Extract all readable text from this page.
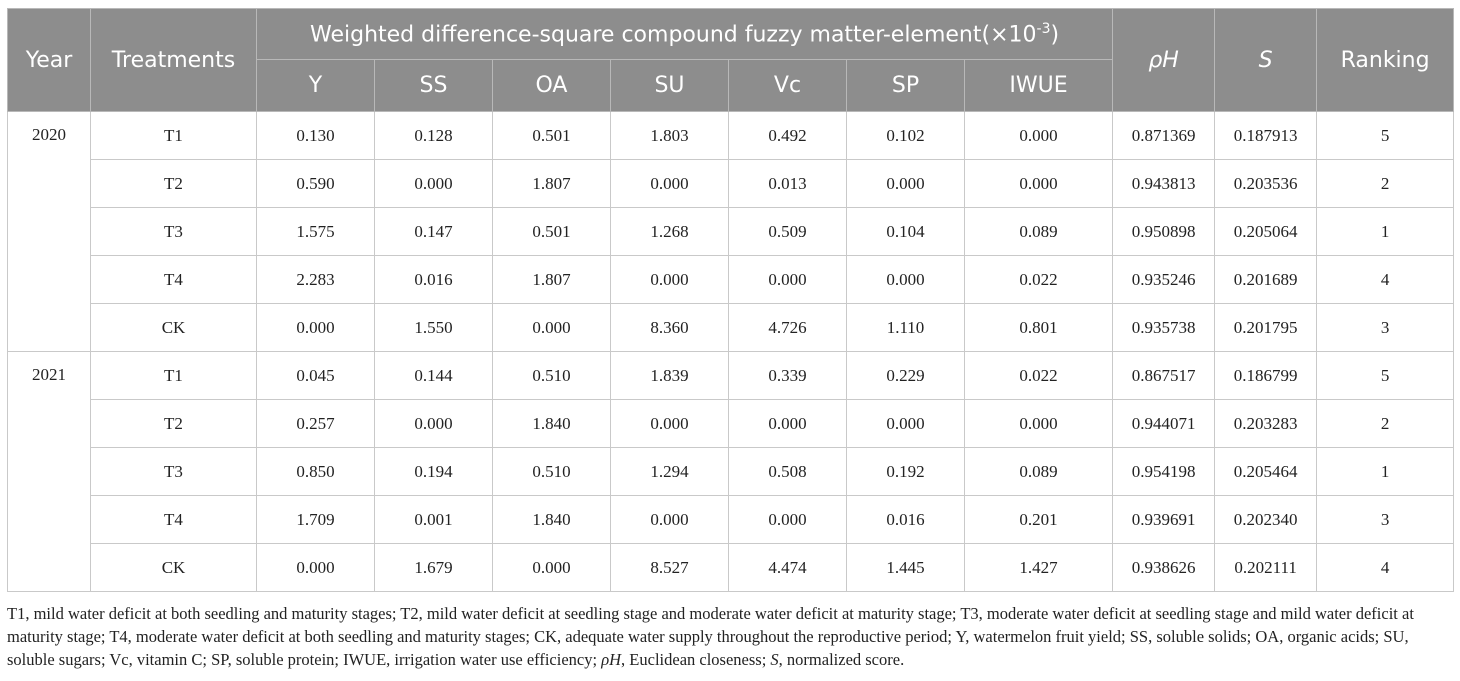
Year	Treatments	Weighted difference-square compound fuzzy matter-$element(\times 10^{-3})$							ρH	S	Ranking
		Y	SS	OA	SU	Vc	SP	IWUE			
2020	T1	0.130	0.128	0.501	1.803	0.492	0.102	0.000	0.871369	0.187913	5
	T2	0.590	0.000	1.807	0.000	0.013	0.000	0.000	0.943813	0.203536	2
	T3	1.575	0.147	0.501	1.268	0.509	0.104	0.089	0.950898	0.205064	1
	T4	2.283	0.016	1.807	0.000	0.000	0.000	0.022	0.935246	0.201689	4
	CK	0.000	1.550	0.000	8.360	4.726	1.110	0.801	0.935738	0.201795	3
2021	T1	0.045	0.144	0.510	1.839	0.339	0.229	0.022	0.867517	0.186799	5
	T2	0.257	0.000	1.840	0.000	0.000	0.000	0.000	0.944071	0.203283	2
	T3	0.850	0.194	0.510	1.294	0.508	0.192	0.089	0.954198	0.205464	1
	T4	1.709	0.001	1.840	0.000	0.000	0.016	0.201	0.939691	0.202340	3
	CK	0.000	1.679	0.000	8.527	4.474	1.445	1.427	0.938626	0.202111	4
T1, mild water deficit at both seedling and maturity stages; T2, mild water deficit at seedling stage and moderate water deficit at maturity stage; T3, moderate water deficit at seedling stage and mild water deficit at maturity stage; T4, moderate water deficit at both seedling and maturity stages; CK, adequate water supply throughout the reproductive period; Y, watermelon fruit yield; SS, soluble solids; OA, organic acids; SU, soluble sugars; Vc, vitamin C; SP, soluble protein; IWUE, irrigation water use efficiency; ρH, Euclidean closeness; S, normalized score.
